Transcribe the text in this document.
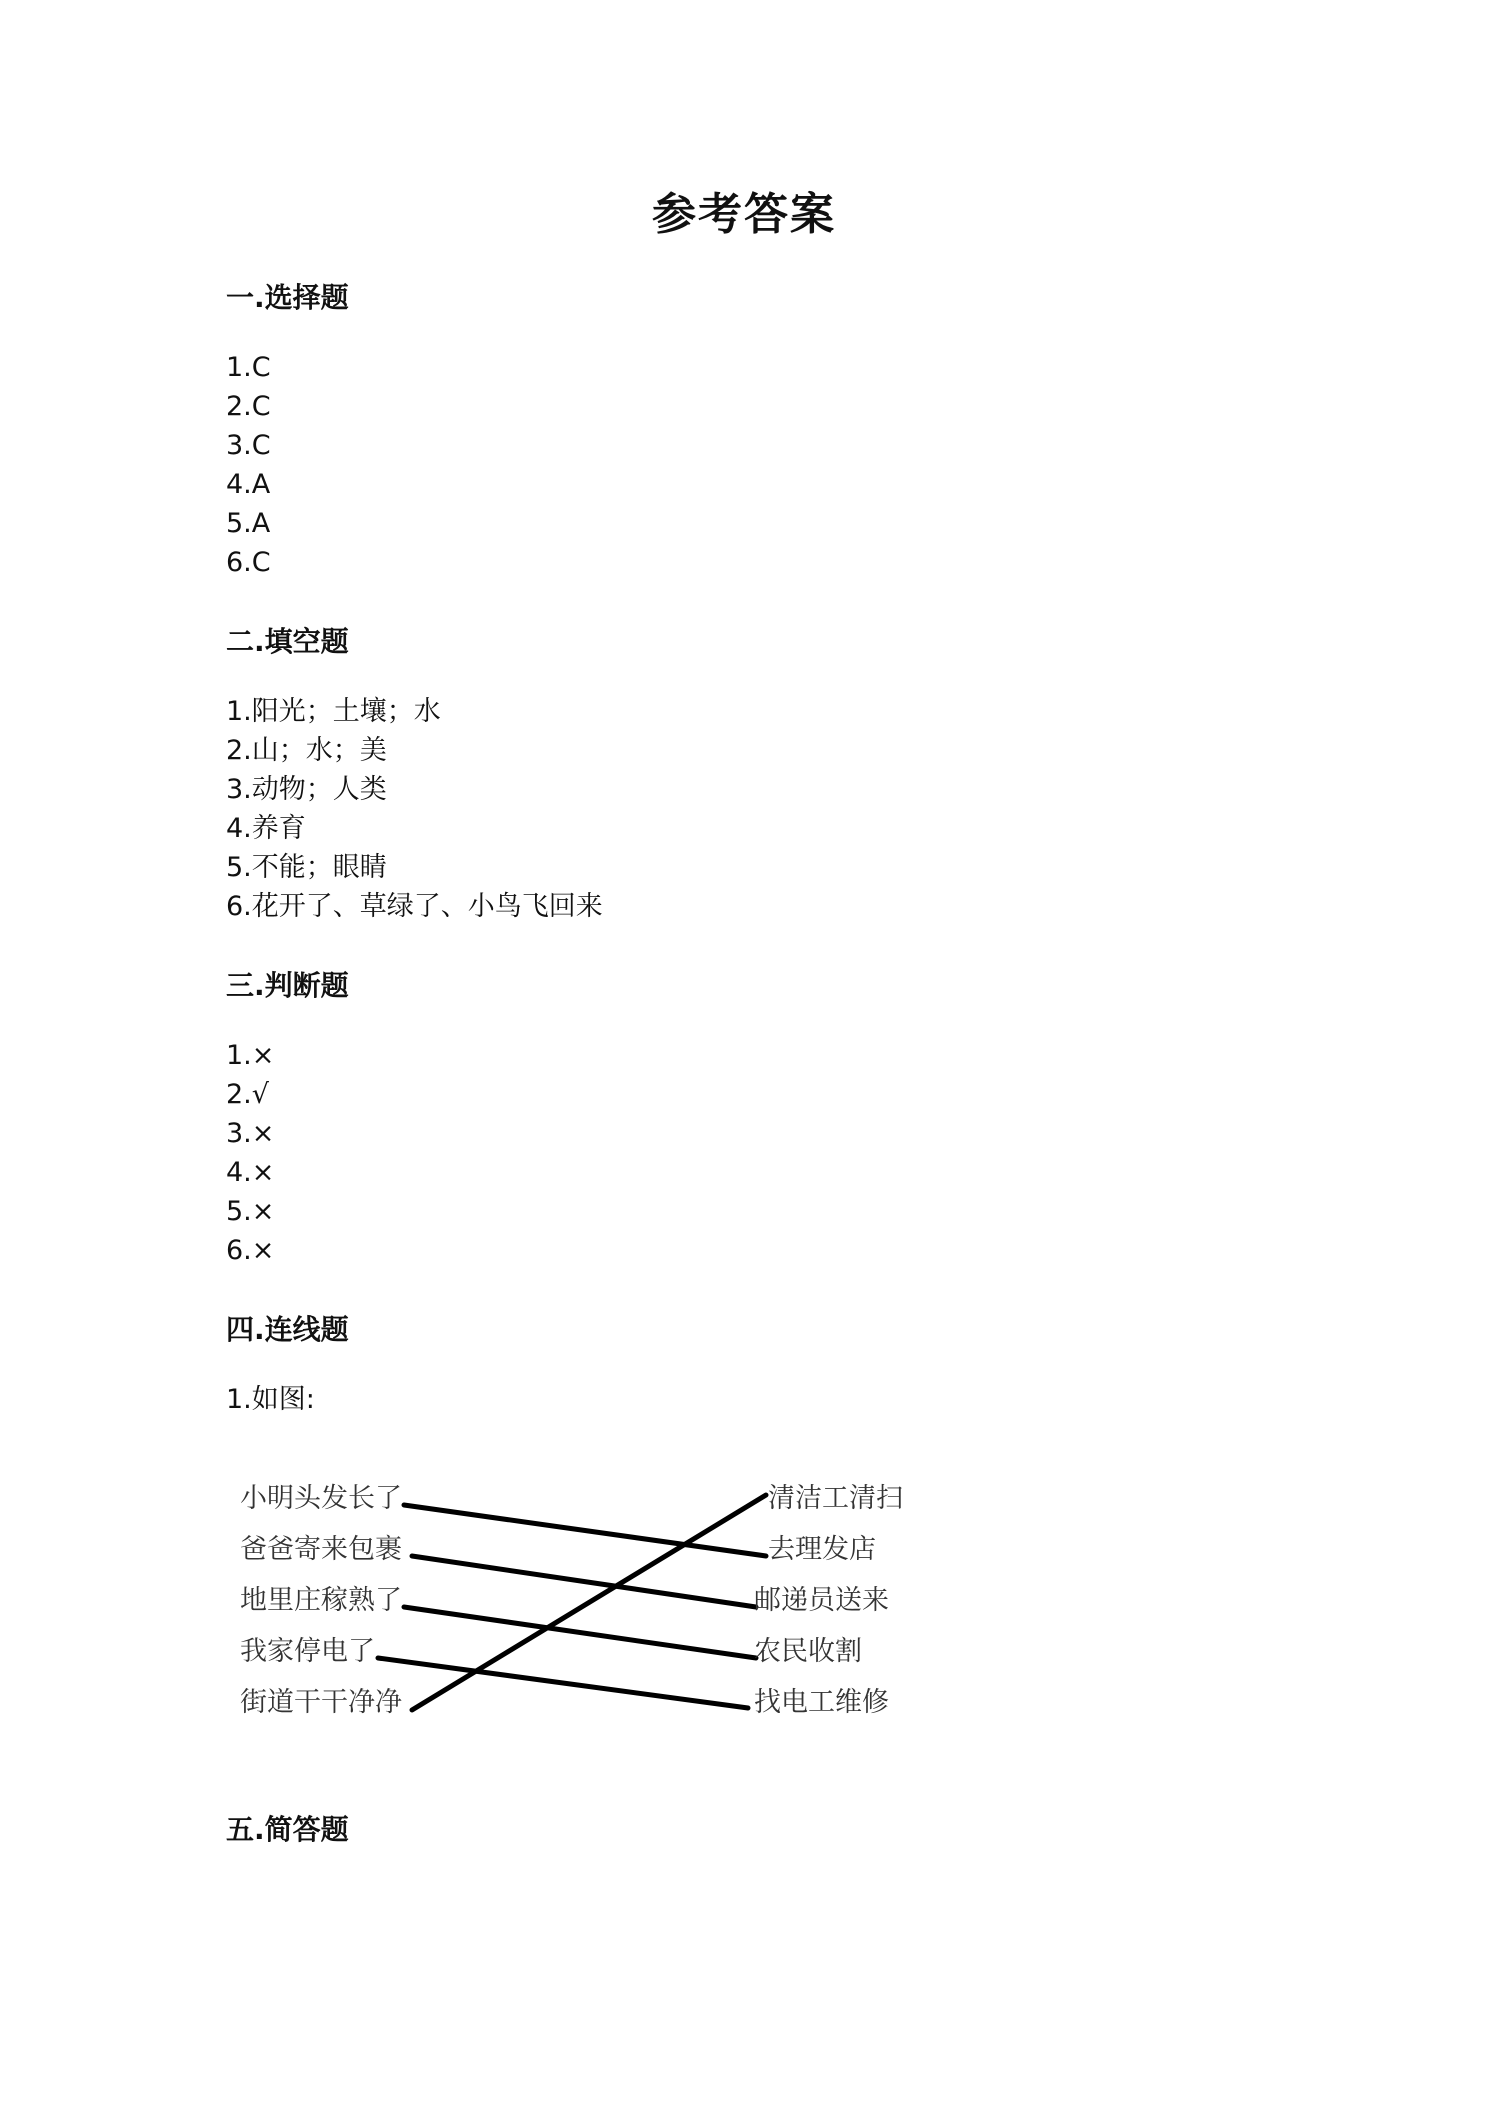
参考答案
一.选择题
1.C
2.C
3.C
4.A
5.A
6.C
二.填空题
1.阳光；土壤；水
2.山；水；美
3.动物；人类
4.养育
5.不能；眼睛
6.花开了、草绿了、小鸟飞回来
三.判断题
1.×
2.√
3.×
4.×
5.×
6.×
四.连线题
1.如图:
小明头发长了
爸爸寄来包裹
地里庄稼熟了
我家停电了
街道干干净净
清洁工清扫
去理发店
邮递员送来
农民收割
找电工维修
五.简答题
